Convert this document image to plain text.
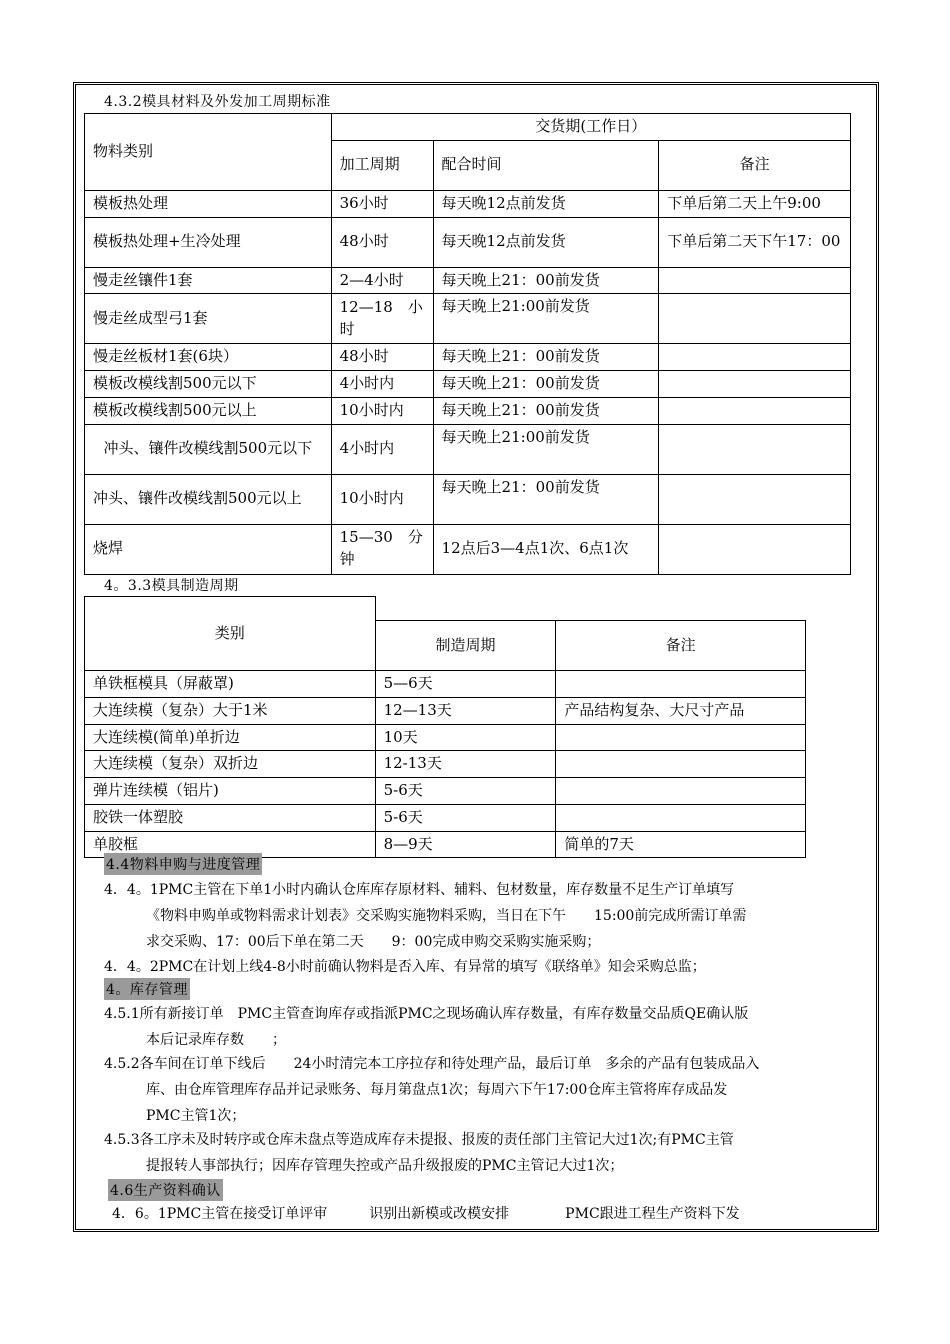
4.3.2模具材料及外发加工周期标准
物料类别	交货期(工作日）		
	加工周期	配合时间	备注
模板热处理	36小时	每天晚12点前发货	下单后第二天上午9:00
模板热处理+生冷处理	48小时	每天晚12点前发货	下单后第二天下午17：00
慢走丝镶件1套	2—4小时	每天晚上21：00前发货	
慢走丝成型弓1套	12—18　小时	每天晚上21:00前发货	
慢走丝板材1套(6块）	48小时	每天晚上21：00前发货	
模板改模线割500元以下	4小时内	每天晚上21：00前发货	
模板改模线割500元以上	10小时内	每天晚上21：00前发货	
冲头、镶件改模线割500元以下	4小时内	每天晚上21:00前发货	
冲头、镶件改模线割500元以上	10小时内	每天晚上21：00前发货	
烧焊	15—30　分钟	12点后3—4点1次、6点1次	
4。3.3模具制造周期
类别		
	制造周期	备注
单铁框模具（屏蔽罩)	5—6天	
大连续模（复杂）大于1米	12—13天	产品结构复杂、大尺寸产品
大连续模(简单)单折边	10天	
大连续模（复杂）双折边	12-13天	
弹片连续模（铝片)	5-6天	
胶铁一体塑胶	5-6天	
单胶框	8—9天	简单的7天
4.4物料申购与进度管理
4．4。1PMC主管在下单1小时内确认仓库库存原材料、辅料、包材数量，库存数量不足生产订单填写
《物料申购单或物料需求计划表》交采购实施物料采购，当日在下午　　15:00前完成所需订单需
求交采购、17：00后下单在第二天　　9：00完成申购交采购实施采购；
4．4。2PMC在计划上线4-8小时前确认物料是否入库、有异常的填写《联络单》知会采购总监；
4。库存管理
4.5.1所有新接订单　PMC主管查询库存或指派PMC之现场确认库存数量，有库存数量交品质QE确认版
本后记录库存数　　；
4.5.2各车间在订单下线后　　24小时清完本工序拉存和待处理产品，最后订单　多余的产品有包装成品入
库、由仓库管理库存品并记录账务、每月第盘点1次；每周六下午17:00仓库主管将库存成品发
PMC主管1次；
4.5.3各工序未及时转序或仓库未盘点等造成库存未提报、报废的责任部门主管记大过1次;有PMC主管
提报转人事部执行；因库存管理失控或产品升级报废的PMC主管记大过1次；
4.6生产资料确认
4．6。1PMC主管在接受订单评审　　　识别出新模或改模安排　　　　PMC跟进工程生产资料下发
